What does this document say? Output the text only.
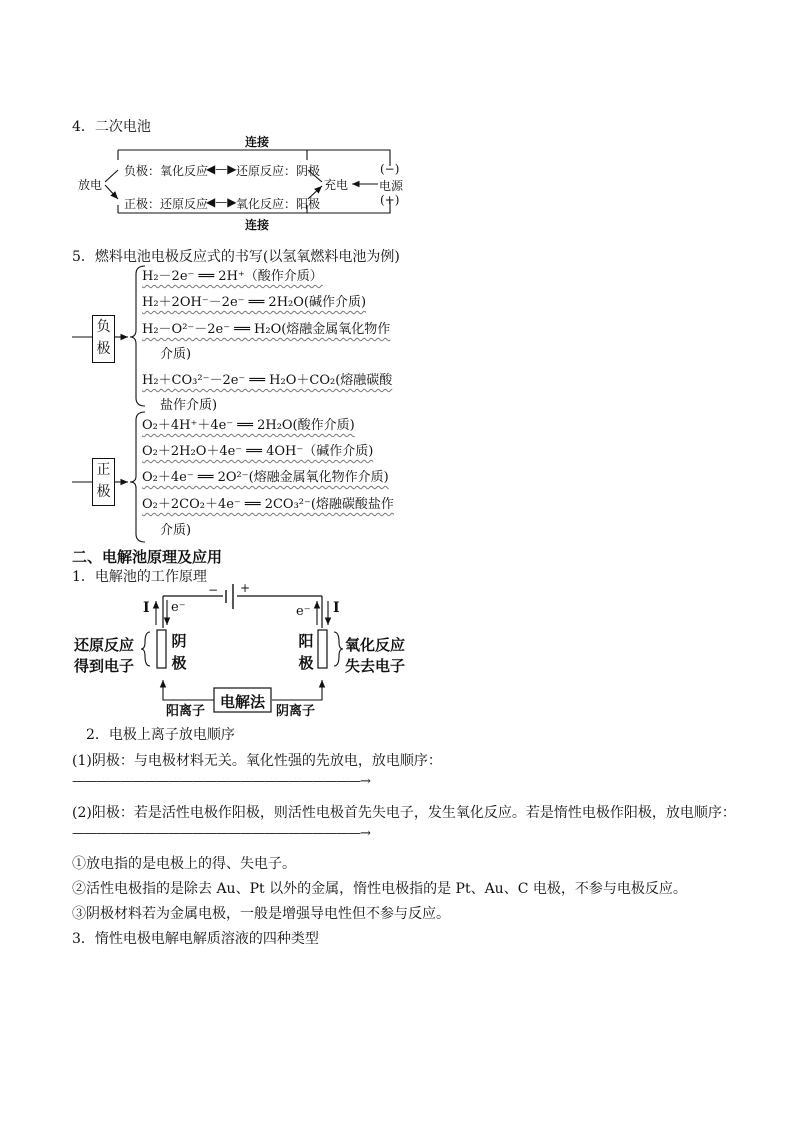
4．二次电池
连接
放电
负极：氧化反应
◀—▶ 还原反应：阴极
正极：还原反应
◀—▶ 氧化反应：阳极
充电
(−)
电源
(+)
连接
5．燃料电池电极反应式的书写(以氢氧燃料电池为例)
负极
正极
H₂－2e⁻ ══ 2H⁺（酸作介质）
H₂＋2OH⁻－2e⁻ ══ 2H₂O(碱作介质)
H₂－O²⁻－2e⁻ ══ H₂O(熔融金属氧化物作
介质)
H₂＋CO₃²⁻－2e⁻ ══ H₂O＋CO₂(熔融碳酸
盐作介质)
O₂＋4H⁺＋4e⁻ ══ 2H₂O(酸作介质)
O₂＋2H₂O＋4e⁻ ══ 4OH⁻（碱作介质)
O₂＋4e⁻ ══ 2O²⁻(熔融金属氧化物作介质)
O₂＋2CO₂＋4e⁻ ══ 2CO₃²⁻(熔融碳酸盐作
介质)
二、电解池原理及应用
1．电解池的工作原理
− +
I e⁻	e⁻ I
还原反应
得到电子
阴极
阳极
氧化反应
失去电子
电解法
阳离子	阴离子
2．电极上离子放电顺序
(1)阴极：与电极材料无关。氧化性强的先放电，放电顺序：
————————————————————————→
(2)阳极：若是活性电极作阳极，则活性电极首先失电子，发生氧化反应。若是惰性电极作阳极，放电顺序：
————————————————————————→
①放电指的是电极上的得、失电子。
②活性电极指的是除去 Au、Pt 以外的金属，惰性电极指的是 Pt、Au、C 电极，不参与电极反应。
③阴极材料若为金属电极，一般是增强导电性但不参与反应。
3．惰性电极电解电解质溶液的四种类型
